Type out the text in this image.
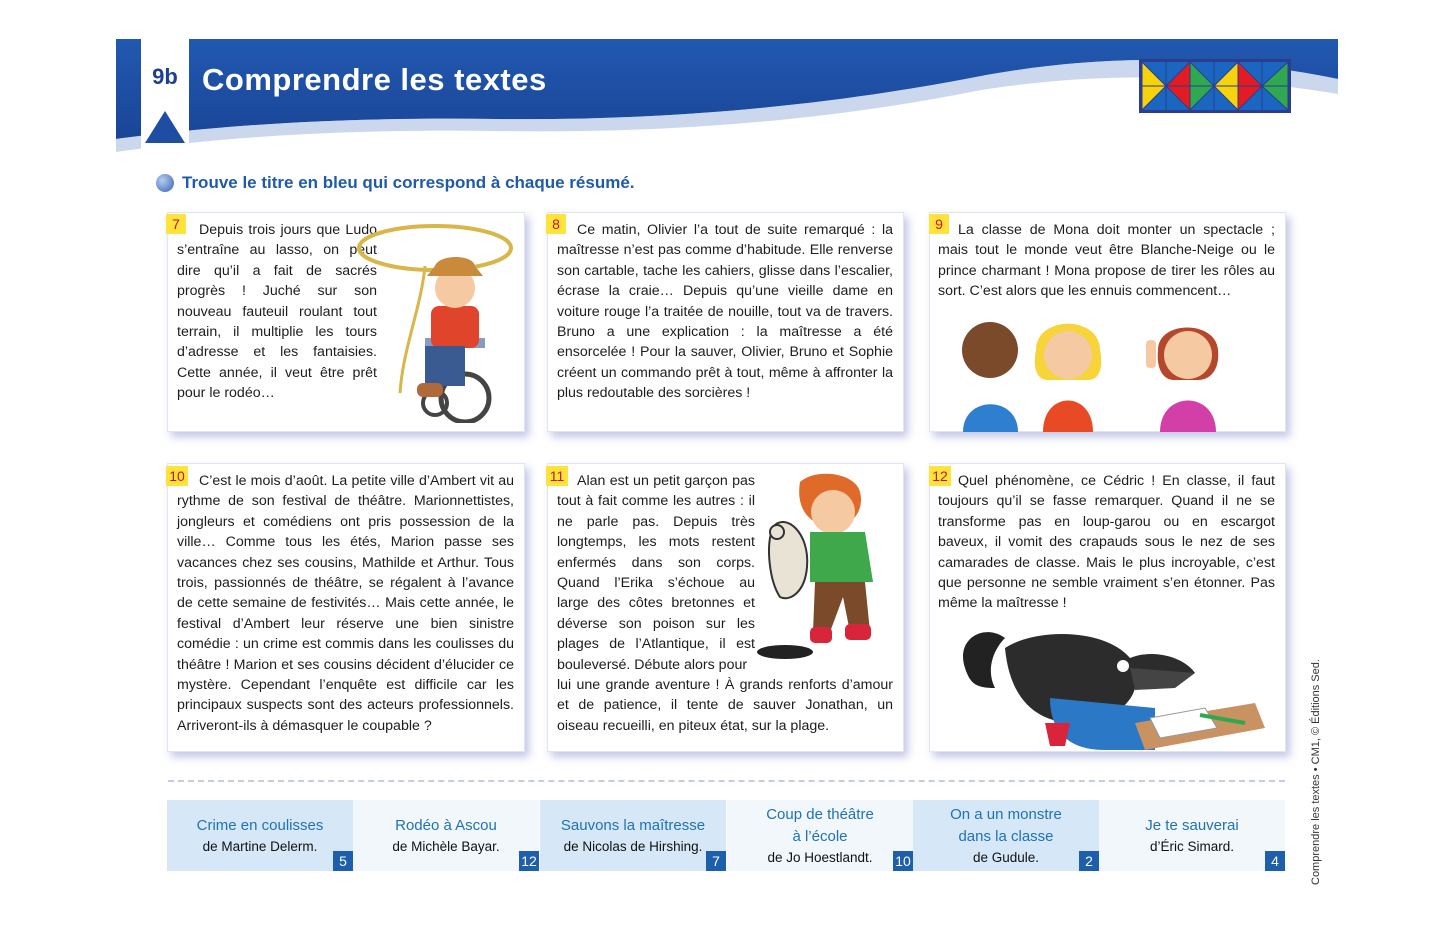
9b Comprendre les textes
Trouve le titre en bleu qui correspond à chaque résumé.
7	Depuis trois jours que Ludo s’entraîne au lasso, on peut dire qu’il a fait de sacrés progrès ! Juché sur son nouveau fauteuil roulant tout terrain, il multiplie les tours d’adresse et les fantaisies. Cette année, il veut être prêt pour le rodéo…
8	Ce matin, Olivier l’a tout de suite remarqué : la maîtresse n’est pas comme d’habitude. Elle renverse son cartable, tache les cahiers, glisse dans l’escalier, écrase la craie… Depuis qu’une vieille dame en voiture rouge l’a traitée de nouille, tout va de travers. Bruno a une explication : la maîtresse a été ensorcelée ! Pour la sauver, Olivier, Bruno et Sophie créent un commando prêt à tout, même à affronter la plus redoutable des sorcières !
9	La classe de Mona doit monter un spectacle ; mais tout le monde veut être Blanche-Neige ou le prince charmant ! Mona propose de tirer les rôles au sort. C’est alors que les ennuis commencent…
10	C’est le mois d’août. La petite ville d’Ambert vit au rythme de son festival de théâtre. Marionnettistes, jongleurs et comédiens ont pris possession de la ville… Comme tous les étés, Marion passe ses vacances chez ses cousins, Mathilde et Arthur. Tous trois, passionnés de théâtre, se régalent à l’avance de cette semaine de festivités… Mais cette année, le festival d’Ambert leur réserve une bien sinistre comédie : un crime est commis dans les coulisses du théâtre ! Marion et ses cousins décident d’élucider ce mystère. Cependant l’enquête est difficile car les principaux suspects sont des acteurs professionnels. Arriveront-ils à démasquer le coupable ?
11 Alan est un petit garçon pas tout à fait comme les autres : il ne parle pas. Depuis très longtemps, les mots restent enfermés dans son corps. Quand l’Erika s’échoue au large des côtes bretonnes et déverse son poison sur les plages de l’Atlantique, il est bouleversé. Débute alors pour
lui une grande aventure ! À grands renforts d’amour et de patience, il tente de sauver Jonathan, un oiseau recueilli, en piteux état, sur la plage.
12 Quel phénomène, ce Cédric ! En classe, il faut toujours qu’il se fasse remarquer. Quand il ne se transforme pas en loup-garou ou en escargot baveux, il vomit des crapauds sous le nez de ses camarades de classe. Mais le plus incroyable, c’est que personne ne semble vraiment s’en étonner. Pas même la maîtresse !
Crime en coulisses
de Martine Delerm.
5
Rodéo à Ascou
de Michèle Bayar.
12
Sauvons la maîtresse
de Nicolas de Hirshing.
7
Coup de théâtre
à l’école
de Jo Hoestlandt.	10
On a un monstre
dans la classe
de Gudule.	2
Je te sauverai
d’Éric Simard.
4	Comprendre les textes • CM1, © Éditions Sed.
